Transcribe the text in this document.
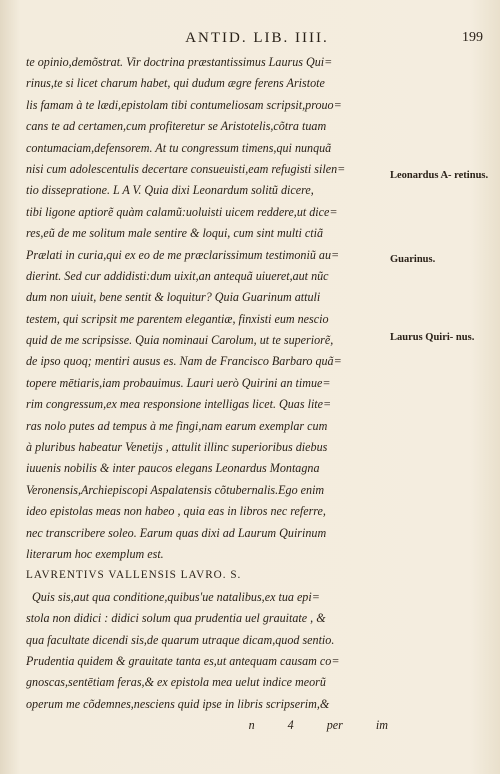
ANTID. LIB. IIII.	199
te opinio,demõstrat. Vir doctrina præstantissimus Laurus Qui=
rinus,te si licet charum habet, qui dudum ægre ferens Aristote
lis famam à te lædi,epistolam tibi contumeliosam scripsit,prouo=
cans te ad certamen,cum profiteretur se Aristotelis,cõtra tuam
contumaciam,defensorem. At tu congressum timens,qui nunquã
nisi cum adolescentulis decertare consueuisti,eam refugisti silen=
tio dissepratione. L A V. Quia dixi Leonardum solitũ dicere,
tibi ligone aptiorẽ quàm calamũ:uoluisti uicem reddere,ut dice=
res,eũ de me solitum male sentire & loqui, cum sint multi ctiã
Prælati in curia,qui ex eo de me præclarissimum testimoniũ au=
dierint. Sed cur addidisti:dum uixit,an antequã uiueret,aut nũc
dum non uiuit, bene sentit & loquitur? Quia Guarinum attuli
testem, qui scripsit me parentem elegantiæ, finxisti eum nescio
quid de me scripsisse. Quia nominaui Carolum, ut te superiorẽ,
de ipso quoq; mentiri ausus es. Nam de Francisco Barbaro quã=
topere mētiaris,iam probauimus. Lauri uerò Quirini an timue=
rim congressum,ex mea responsione intelligas licet. Quas lite=
ras nolo putes ad tempus à me fingi,nam earum exemplar cum
à pluribus habeatur Venetijs , attulit illinc superioribus diebus
iuuenis nobilis & inter paucos elegans Leonardus Montagna
Veronensis,Archiepiscopi Aspalatensis cõtubernalis.Ego enim
ideo epistolas meas non habeo , quia eas in libros nec referre,
nec transcribere soleo. Earum quas dixi ad Laurum Quirinum
literarum hoc exemplum est.
LAVRENTIVS VALLENSIS LAVRO. S.
Quis sis,aut qua conditione,quibus'ue natalibus,ex tua epi=
stola non didici : didici solum qua prudentia uel grauitate , &
qua facultate dicendi sis,de quarum utraque dicam,quod sentio.
Prudentia quidem & grauitate tanta es,ut antequam causam co=
gnoscas,sentētiam feras,& ex epistola mea uelut indice meorũ
operum me cõdemnes,nesciens quid ipse in libris scripserim,&
n 4	per im
Leonardus A- retinus.
Guarinus.
Laurus Quiri- nus.
